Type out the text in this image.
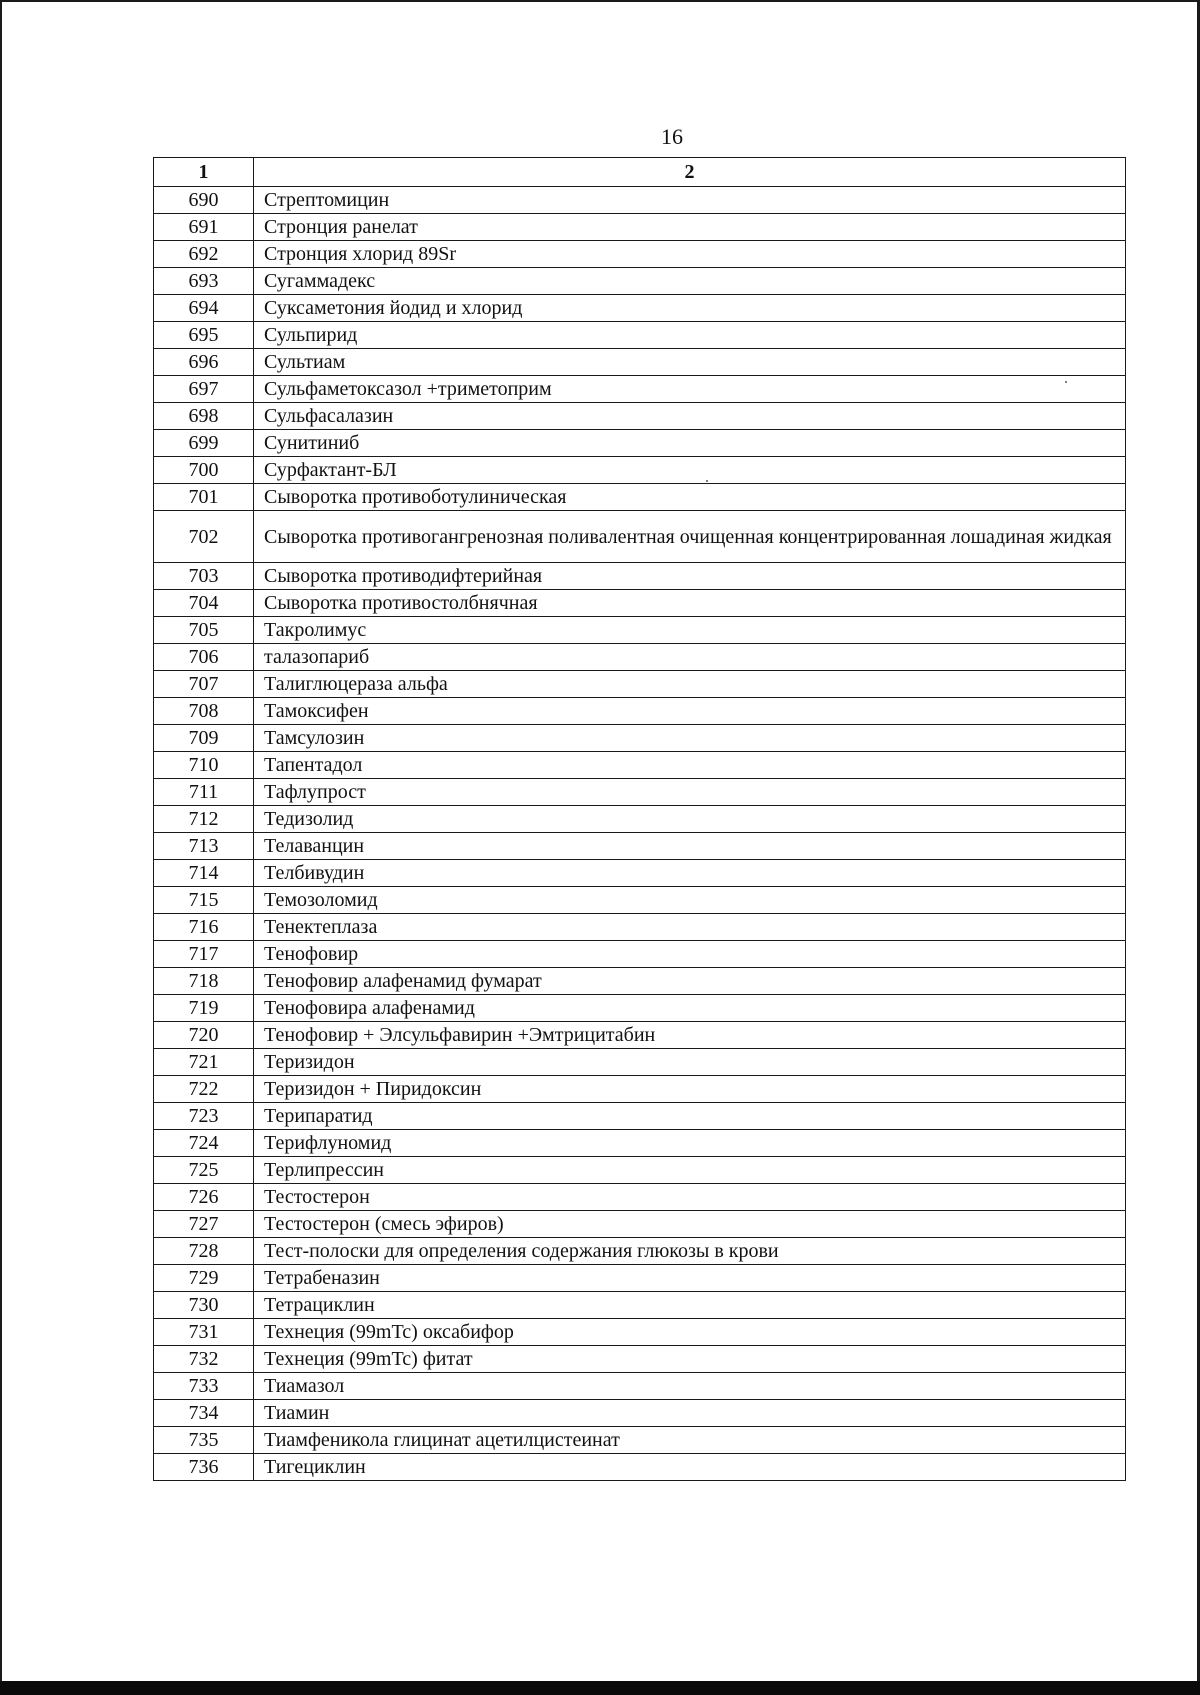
16
1	2
690	Стрептомицин
691	Стронция ранелат
692	Стронция хлорид 89Sr
693	Сугаммадекс
694	Суксаметония йодид и хлорид
695	Сульпирид
696	Сультиам
697	Сульфаметоксазол +триметоприм
698	Сульфасалазин
699	Сунитиниб
700	Сурфактант-БЛ
701	Сыворотка противоботулиническая
702	Сыворотка противогангренозная поливалентная очищенная концентрированная лошадиная жидкая
703	Сыворотка противодифтерийная
704	Сыворотка противостолбнячная
705	Такролимус
706	талазопариб
707	Талиглюцераза альфа
708	Тамоксифен
709	Тамсулозин
710	Тапентадол
711	Тафлупрост
712	Тедизолид
713	Телаванцин
714	Телбивудин
715	Темозоломид
716	Тенектеплаза
717	Тенофовир
718	Тенофовир алафенамид фумарат
719	Тенофовира алафенамид
720	Тенофовир + Элсульфавирин +Эмтрицитабин
721	Теризидон
722	Теризидон + Пиридоксин
723	Терипаратид
724	Терифлуномид
725	Терлипрессин
726	Тестостерон
727	Тестостерон (смесь эфиров)
728	Тест-полоски для определения содержания глюкозы в крови
729	Тетрабеназин
730	Тетрациклин
731	Технеция (99mTc) оксабифор
732	Технеция (99mTc) фитат
733	Тиамазол
734	Тиамин
735	Тиамфеникола глицинат ацетилцистеинат
736	Тигециклин
